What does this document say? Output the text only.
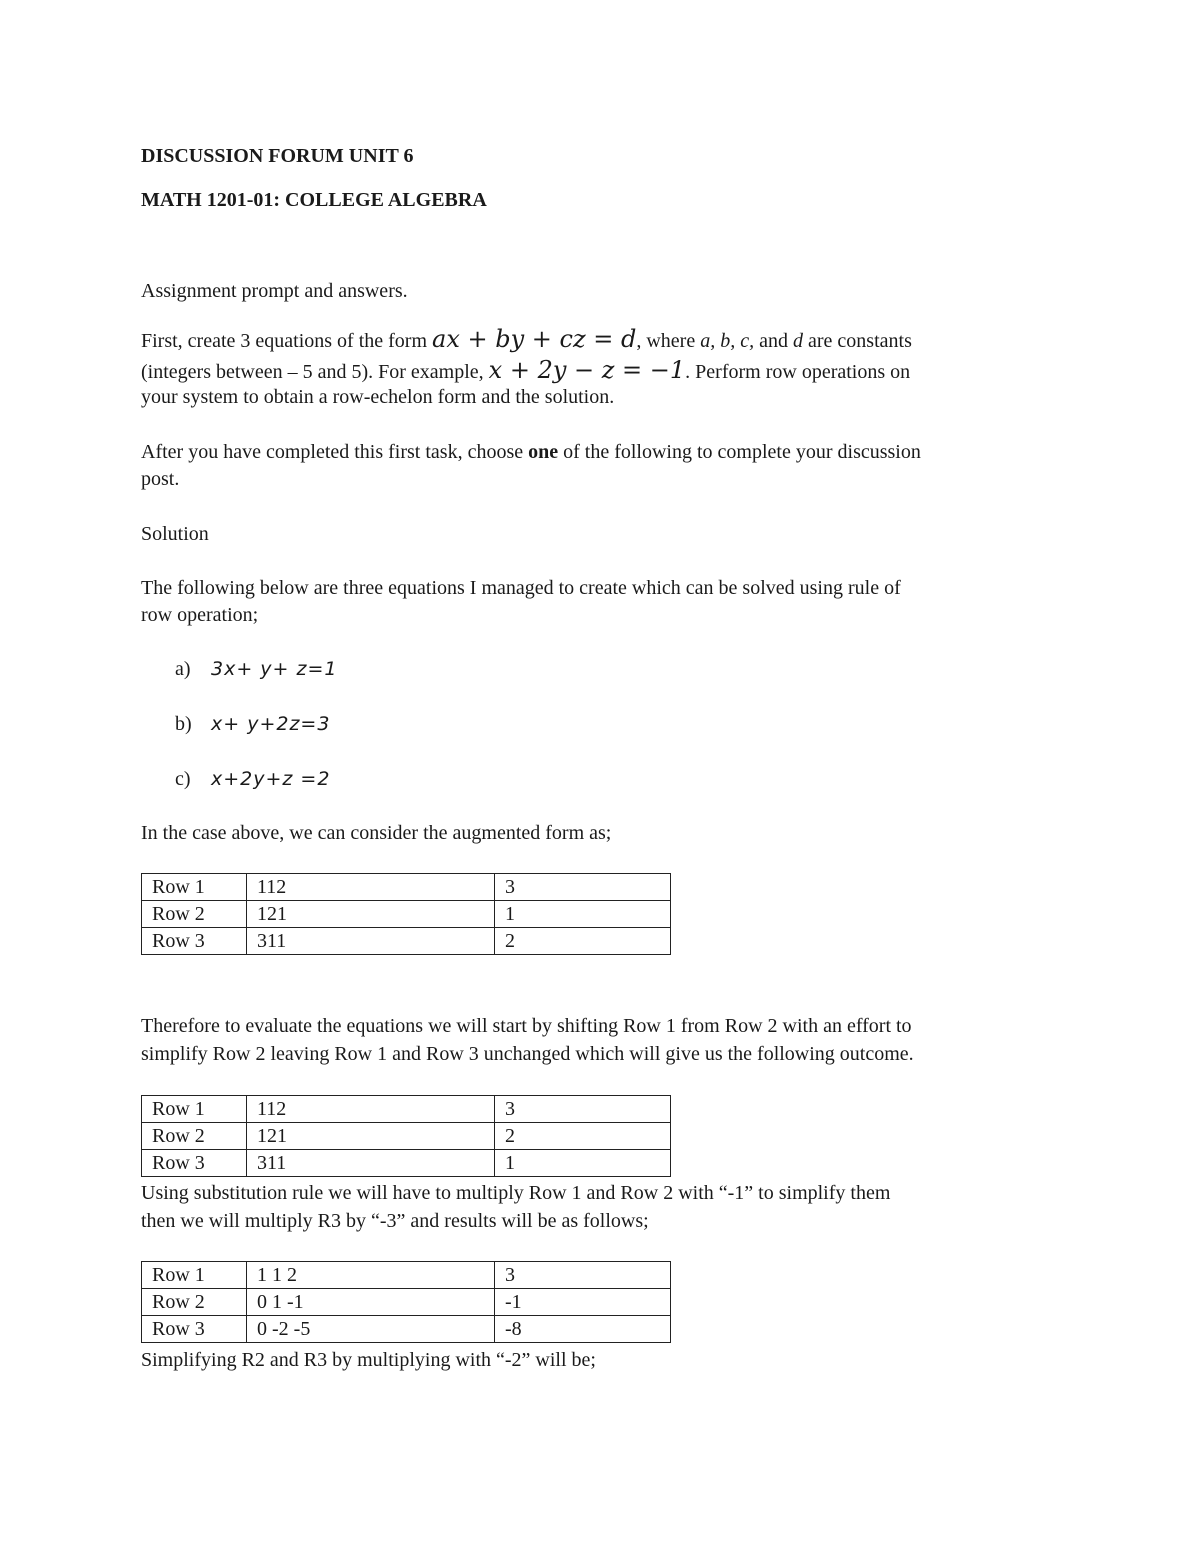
DISCUSSION FORUM UNIT 6
MATH 1201-01: COLLEGE ALGEBRA
Assignment prompt and answers.
First, create 3 equations of the form ax + by + cz = d, where a, b, c, and d are constants
(integers between – 5 and 5). For example, x + 2y − z = −1. Perform row operations on
your system to obtain a row-echelon form and the solution.
After you have completed this first task, choose one of the following to complete your discussion
post.
Solution
The following below are three equations I managed to create which can be solved using rule of
row operation;
a) 3x+ y+ z=1
b) x+ y+2z=3
c) x+2y+z =2
In the case above, we can consider the augmented form as;
Row 1	112	3
Row 2	121	1
Row 3	311	2
Therefore to evaluate the equations we will start by shifting Row 1 from Row 2 with an effort to
simplify Row 2 leaving Row 1 and Row 3 unchanged which will give us the following outcome.
Row 1	112	3
Row 2	121	2
Row 3	311	1
Using substitution rule we will have to multiply Row 1 and Row 2 with “-1” to simplify them
then we will multiply R3 by “-3” and results will be as follows;
Row 1	1 1 2	3
Row 2	0 1 -1	-1
Row 3	0 -2 -5	-8
Simplifying R2 and R3 by multiplying with “-2” will be;
